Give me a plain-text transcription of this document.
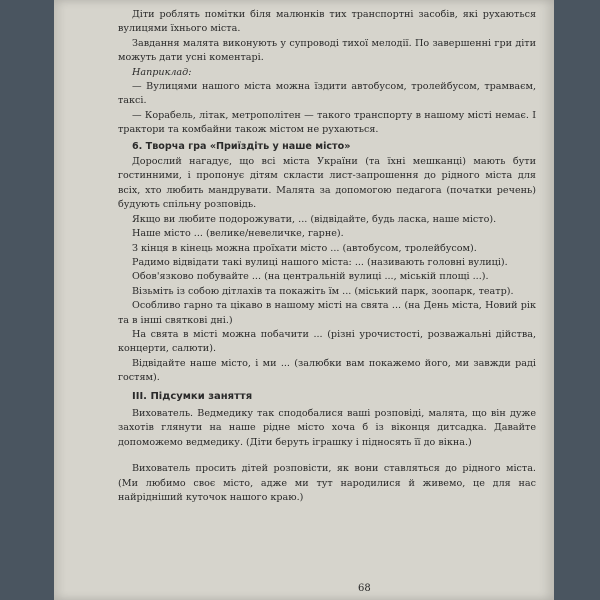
Діти роблять помітки біля малюнків тих транспортні засобів, які рухаються вулицями їхнього міста.

Завдання малята виконують у супроводі тихої мелодії. По завершенні гри діти можуть дати усні коментарі.

Наприклад:

— Вулицями нашого міста можна їздити автобусом, тролейбусом, трамваєм, таксі.

— Корабель, літак, метрополітен — такого транспорту в нашому місті немає. І трактори та комбайни також містом не рухаються.

6. Творча гра «Приїздіть у наше місто»

Дорослий нагадує, що всі міста України (та їхні мешканці) мають бути гостинними, і пропонує дітям скласти лист-запрошення до рідного міста для всіх, хто любить мандрувати. Малята за допомогою педагога (початки речень) будують спільну розповідь.

Якщо ви любите подорожувати, ... (відвідайте, будь ласка, наше місто).

Наше місто ... (велике/невеличке, гарне).

З кінця в кінець можна проїхати місто ... (автобусом, тролейбусом).

Радимо відвідати такі вулиці нашого міста: ... (називають головні вулиці).

Обов'язково побувайте ... (на центральній вулиці ..., міській площі ...).

Візьміть із собою дітлахів та покажіть їм ... (міський парк, зоопарк, театр).

Особливо гарно та цікаво в нашому місті на свята ... (на День міста, Новий рік та в інші святкові дні.)

На свята в місті можна побачити ... (різні урочистості, розважальні дійства, концерти, салюти).

Відвідайте наше місто, і ми ... (залюбки вам покажемо його, ми завжди раді гостям).

III. Підсумки заняття

Вихователь. Ведмедику так сподобалися ваші розповіді, малята, що він дуже захотів глянути на наше рідне місто хоча б із віконця дитсадка. Давайте допоможемо ведмедику. (Діти беруть іграшку і підносять її до вікна.)

Вихователь просить дітей розповісти, як вони ставляться до рідного міста. (Ми любимо своє місто, адже ми тут народилися й живемо, це для нас найрідніший куточок нашого краю.)

68
